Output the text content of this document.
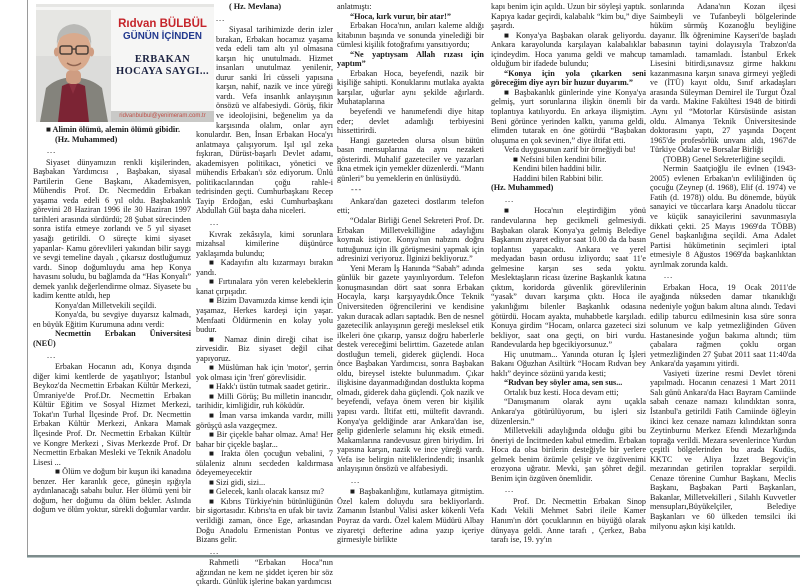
Rıdvan BÜLBÜL
GÜNÜN İÇİNDEN
ERBAKAN
HOCAYA SAYGI...
ridvanbulbul@yenimeram.com.tr

■ Alimin ölümü, alemin ölümü gibidir.

(Hz. Muhammed)

...

Siyaset dünyamızın renkli kişilerinden, Başbakan Yardımcısı , Başbakan, siyasal Partilerin Gene Başkanı, Akademisyen, Mühendis Prof. Dr. Necmeddin Erbakan yaşama veda edeli 6 yıl oldu. Başbakanlık görevini 28 Haziran 1996 ile 30 Haziran 1997 tarihleri arasında sürdürdü; 28 Şubat sürecinden sonra istifa etmeye zorlandı ve 5 yıl siyaset yasağı getirildi. O süreçte kimi siyaset yapanlar- Kamu görevlileri yakından bilir saygı ve sevgi temeline dayalı , çıkarsız dostluğumuz vardı. Sinop doğumluydu ama hep Konya havasını soludu, bu bağlamda da “Has Konyalı” demek yanlık değerlendirme olmaz. Siyasete bu kadim kentte atıldı, hep

Konya'dan Milletvekili seçildi.

Konya'da, bu sevgiye duyarsız kalmadı, en büyük Eğitim Kurumuna adını verdi:

Necmettin Erbakan Üniversitesi (NEÜ)

...

Erbakan Hocanın adı, Konya dışında diğer kimi kentlerde de yaşatılıyor; İstanbul Beykoz'da Necmettin Erbakan Kültür Merkezi, Ümraniye'de Prof.Dr. Necmettin Erbakan Kültür Eğitim ve Sosyal Hizmet Merkezi, Tokat'ın Turhal İlçesinde Prof. Dr. Necmettin Erbakan Kültür Merkezi, Ankara Mamak İlçesinde Prof. Dr. Necmettin Erbakan Kültür ve Kongre Merkezi , Sivas Merkezde Prof. Dr Necmettin Erbakan Mesleki ve Teknik Anadolu Lisesi ...

■ Ölüm ve doğum bir kuşun iki kanadına benzer. Her karanlık gece, güneşin ışığıyla aydınlanacağı sabahı bulur. Her ölümü yeni bir doğum, her doğumu da ölüm bekler. Aslında doğum ve ölüm yoktur, sürekli doğumlar vardır.

( Hz. Mevlana)

...

Siyasal tarihimizde derin izler bırakan, Erbakan hocamız yaşama veda edeli tam altı yıl olmasına karşın hiç unutulmadı. Hizmet insanları unutulmaz yenilenir, durur sanki İri cüsseli yapısına karşın, nahif, nazik ve ince yüreği vardı. Vefa insanlık anlayışının önsözü ve alfabesiydi. Görüş, fikir ve ideolojisini, beğenelim ya da karşısında olalım, onlar ayrı konulardır. Ben, İnsan Erbakan Hoca'yı anlatmaya çalışıyorum. Işıl ışıl zeka fışkıran, Dürüst-başarlı Devlet adamı, akademisyen politikacı, yönetici ve mühendis Erbakan'ı söz ediyorum. Ünlü politikacılarından çoğu rahle-i tedrisinden geçti. Cumhurbaşkanı Recep Tayip Erdoğan, eski Cumhurbaşkanı Abdullah Gül başta daha niceleri.

...

Kıvrak zekâsıyla, kimi sorunlara mizahsal kimilerine düşünürce yaklaşımda bulundu;

■ Kadayıfın altı kızarmayı bırakın yandı.

■ Fırtınalara yön veren kelebeklerin kanat çırpışıdır.

■ Bizim Davamızda kimse kendi için yaşamaz, Herkes kardeşi için yaşar. Menfaati Öldürmenin en kolay yolu budur.

■ Namaz dinin direği cihat ise zirvesidir. Biz siyaset değil cihat yapıyoruz.

■ Müslüman hak için 'motor', şerrin yok olması için 'fren' görevlisidir.

■ Hakk'ı üstün tutmak saadet getirir..

■ Milli Görüş; Bu milletin inancıdır, tarihidir, kimliğidir, ruh köküdür.

■ İman varsa imkanda vardır, milli görüşçü asla vazgeçmez.

■ Bir çiçekle bahar olmaz. Ama! Her bahar bir çiçekle başlar...

■ Irakta ölen çocuğun vebalini, 7 sülaleniz alnını secdeden kaldırmasa ödeyemeyecektir

■ Sizi gidi, sizi...

■ Gelecek, kanlı olacak kansız mı?

■ Kıbrıs Türkiye'nin bütünlüğünün bir sigortasıdır. Kıbrıs'ta en ufak bir taviz verildiği zaman, önce Ege, arkasından Doğu Anadolu Ermenistan Pontus ve Bizans gelir.

...

Rahmetli “Erbakan Hoca”nın ağzından ne kem ne şiddet içeren bir söz çıkardı. Günlük işlerine bakan yardımcısı

anlatmıştı:

“Hoca, kırk vurur, bir atar!”

Erbakan Hoca'nın, anıları kaleme aldığı kitabının başında ve sonunda yinelediği bir cümlesi kişilik fotoğrafımı yansıtıyordu;

“Ne yaptıysam Allah rızası için yaptım”

Erbakan Hoca, beyefendi, nazik bir kişiliğe sahipti. Konuklarını mutlaka ayakta karşılar, uğurlar aynı şekilde ağırlardı. Muhataplarına

beyefendi ve hanımefendi diye hitap eder; devlet adamlığı terbiyesini hissettirirdi.

Hangi gazeteden olursa olsun bütün basın mensuplarına da aynı nezaketi gösterirdi. Muhalif gazeteciler ve yazarları ikna etmek için yemekler düzenlerdi. “Mantı günleri” bu yemeklerin en ünlüsüydü.

---

Ankara'dan gazeteci dostlarım telefon etti;

“Odalar Birliği Genel Sekreteri Prof. Dr. Erbakan Milletvekilliğine adaylığını koymak istiyor. Konya'nın nabzını doğru tuttuğunuz için ilk görüşmesini yapmak için adresinizi veriyoruz. İlginizi bekliyoruz.”

Yeni Meram İş Hanında “Sabah” adında günlük bir gazete yayınlıyordum. Telefon konuşmasından dört saat sonra Erbakan Hocayla, karşı karşıyaydık.Önce Teknik Üniversiteden öğrencilerini ve kendisine yakın duracak adları saptadık. Ben de nesnel gazetecilik anlayışının gereği mesleksel etik ilkeleri öne çıkarıp, yansız doğru haberlerle destek vereceğimi belirttim. Gazetede atılan dostluğun temeli, giderek güçlendi. Hoca önce Başbakan Yardımcısı, sonra Başbakan oldu, bireysel istekte bulunmadım. Çıkar ilişkisine dayanmadığından dostlukta kopma olmadı, giderek daha güçlendi. Çok nazik ve beyefendi, vefaya önem veren bir kişilik yapısı vardı. İltifat etti, mültefit davrandı. Konya'ya geldiğinde arar Ankara'dan ise, gelip gidenlerle selamını hiç eksik etmedi. Makamlarına randevusuz giren biriydim. İri yapısına karşın, nazik ve ince yüreği vardı. Vefa ise belirgin niteliklerindendi; insanlık anlayışının önsözü ve alfabesiydi.

...

■ Başbakanlığını, kutlamaya gitmiştim. Özel kalem doluydu sıra bekliyorlardı. Zamanın İstanbul Valisi asker kökenli Vefa Poyraz da vardı. Özel kalem Müdürü Albay ziyaretçi defterine adına yazıp içeriye girmesiyle birlikte

kapı benim için açıldı. Uzun bir söyleşi yaptık. Kapıya kadar geçirdi, kalabalık “kim bu,” diye şaşırdı.

■ Konya'ya Başbakan olarak geliyordu. Ankara karayolunda karşılayan kalabalıklar içindeydim. Hoca yanıma geldi ve mahcup olduğum bir ifadede bulundu;

“Konya için yola çıkarken seni göreceğim diye ayrı bir huzur duyarım.”

■ Başbakanlık günlerinde yine Konya'ya gelmiş, yurt sorunlarına ilişkin önemli bir toplantıya katılıyordu. En arkaya ilişmiştim. Beni görünce yerinden kalktı, yanıma geldi, elimden tutarak en öne götürdü “Başbakan oluşuma en çok sevinen,” diye iltifat etti.

Vefa duygusunun zarif bir örneğiydi bu!

■ Nefsini bilen kendini bilir.

Kendini bilen haddini bilir.

Haddini bilen Rabbini bilir.

(Hz. Muhammed)

...

■ Hoca'nın eleştirdiğim yönü randevularına hep gecikmeli gelmesiydi. Başbakan olarak Konya'ya gelmiş Belediye Başkanını ziyaret ediyor saat 10.00 da da basın toplantısı yapacaktı. Ankara ve yerel medyadan basın ordusu izliyordu; saat 11'e gelmesine karşın ses seda yoktu. Meslektaşların ricası üzerine Başkanlık katına çıktım, koridorda güvenlik görevlilerinin “yasak” duvarı karşıma çıktı. Hoca ile yakınlığımı bilenler Başkanlık odasına götürdü. Hocam ayakta, muhabbetle karşıladı. Konuya girdim “Hocam, onlarca gazeteci sizi bekliyor, saat ona geçti, on biri vurdu. Randevularda hep bgecikiyorsunuz.”

Hiç unutmam... Yanında oturan İç İşleri Bakanı Oğuzhan Asiltürk “Hocam Rıdvan bey haklı” deyince sözünü yarıda kesti;

“Rıdvan bey söyler ama, sen sus...

Ortalık buz kesti. Hoca devam etti;

“Danışmanım olarak aynı uçakla Ankara'ya götürülüyorum, bu işleri siz düzenlersin.”

Milletvekili adaylığında olduğu gibi bu öneriyi de İncitmeden kabul etmedim. Erbakan Hoca da olsa birilerin desteğiyle bir yerlere gelmek benim özümle çelişir ve özgüvenimi erozyona uğratır. Mevki, şan şöhret değil. Benim için özgüven önemlidir.

...

Prof. Dr. Necmettin Erbakan Sinop Kadı Vekili Mehmet Sabri ileile Kamer Hanım'ın dört çocuklarının en büyüğü olarak dünyaya geldi. Anne tarafı , Çerkez, Baba tarafı ise, 19. yy'ın

sonlarında Adana'nın Kozan ilçesi Saimbeyli ve Tufanbeyli bölgelerinde hüküm sürmüş Kozanoğlu beyliğine dayanır. İlk öğrenimine Kayseri'de başladı babasının tayini dolayısıyla Trabzon'da tamamladı. tamamladı. İstanbul Erkek Lisesini bitirdi,sınavsız girme hakkını kazanmasına karşın sınava girmeyi yeğledi ve (İTÜ) kayıt oldu, Sınıf arkadaşları arasında Süleyman Demirel ile Turgut Özal da vardı. Makine Fakültesi 1948 de bitirdi .Aynı yıl “Motorlar Kürsüsünde asistan oldu. Almanya Teknik Üniversitesinde doktorasını yaptı, 27 yaşında Doçent 1965'de profesörlük unvanı aldı, 1967'de Türkiye Odalar ve Borsalar Birliği

(TOBB) Genel Sekreterliğine seçildi.

Nermin Saatçioğlu ile evlnen (1943-2005) evlenen Erbakan'ın evliliğinden üç çocuğu (Zeynep (d. 1968), Elif (d. 1974) ve Fatih (d. 1978)) oldu. Bu dönemde, büyük sanayici ve tüccarlara karşı Anadolu tüccar ve küçük sanayicilerini savunmasıyla dikkati çekti. 25 Mayıs 1969'da TÖBB) Genel başkanlığına seçildi. Ama Adalet Partisi hükümetinin seçimleri iptal etmesiyle 8 Ağustos 1969'da başkanlıktan ayrılmak zorunda kaldı.

...

Erbakan Hoca, 19 Ocak 2011'de ayağında nükseden damar tıkanıklığı nedeniyle yoğun bakım altına alındı. Tedavi edilip taburcu edilmesinin kısa süre sonra solunum ve kalp yetmezliğinden Güven Hastanesinde yoğun bakıma altındı; tüm çabalara rağmen çoklu organ yetmezliğinden 27 Şubat 2011 saat 11:40'da Ankara'da yaşamını yitirdi.

Vasiyeti üzerine resmi Devlet töreni yapılmadı. Hocanın cenazesi 1 Mart 2011 Salı günü Ankara'da Hacı Bayram Camiinde sabah cenaze namazı kılındıktan sonra, İstanbul'a getirildi Fatih Camiinde öğleyin ikinci kez cenaze namazı kılındıktan sonra Zeytinburnu Merkez Efendi Mezarlığında toprağa verildi. Mezara sevenlerince Yurdun çeşitli bölgelerinden bu arada Kudüs, KKTC ve Aliya İzzet Begoviç'in mezarından getirilen topraklar serpildi. Cenaze törenine Cumhur Başkanı, Meclis Başkanı, Başbakan Parti Başkanları, Bakanlar, Milletvekilleri , Silahlı Kuvvetler mensupları,Büyükelçiler, Belediye Başkanları ve 60 ülkeden temsilci iki milyonu aşkın kişi katıldı.
